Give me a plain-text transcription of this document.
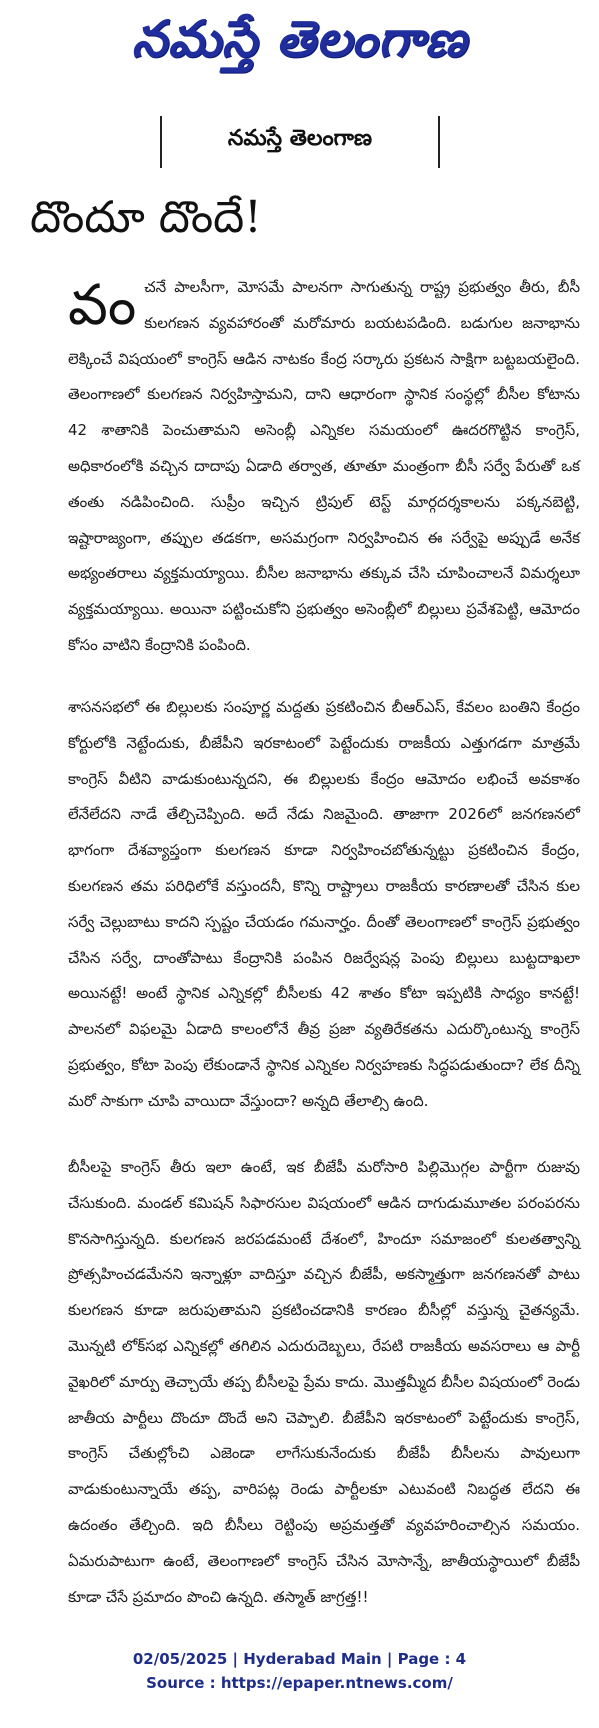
నమస్తే తెలంగాణ
నమస్తే తెలంగాణ
దొందూ దొందే!

వం చనే పాలసీగా, మోసమే పాలనగా సాగుతున్న రాష్ట్ర ప్రభుత్వం తీరు, బీసీ కులగణన వ్యవహారంతో మరోమారు బయటపడింది. బడుగుల జనాభాను లెక్కించే విషయంలో కాంగ్రెస్ ఆడిన నాటకం కేంద్ర సర్కారు ప్రకటన సాక్షిగా బట్టబయలైంది. తెలంగాణలో కులగణన నిర్వహిస్తామని, దాని ఆధారంగా స్థానిక సంస్థల్లో బీసీల కోటాను 42 శాతానికి పెంచుతామని అసెంబ్లీ ఎన్నికల సమయంలో ఊదరగొట్టిన కాంగ్రెస్, అధికారంలోకి వచ్చిన దాదాపు ఏడాది తర్వాత, తూతూ మంత్రంగా బీసీ సర్వే పేరుతో ఒక తంతు నడిపించింది. సుప్రీం ఇచ్చిన ట్రిపుల్ టెస్ట్ మార్గదర్శకాలను పక్కనబెట్టి, ఇష్టారాజ్యంగా, తప్పుల తడకగా, అసమగ్రంగా నిర్వహించిన ఈ సర్వేపై అప్పుడే అనేక అభ్యంతరాలు వ్యక్తమయ్యాయి. బీసీల జనాభాను తక్కువ చేసి చూపించాలనే విమర్శలూ వ్యక్తమయ్యాయి. అయినా పట్టించుకోని ప్రభుత్వం అసెంబ్లీలో బిల్లులు ప్రవేశపెట్టి, ఆమోదం కోసం వాటిని కేంద్రానికి పంపింది.

శాసనసభలో ఈ బిల్లులకు సంపూర్ణ మద్దతు ప్రకటించిన బీఆర్ఎస్, కేవలం బంతిని కేంద్రం కోర్టులోకి నెట్టేందుకు, బీజేపీని ఇరకాటంలో పెట్టేందుకు రాజకీయ ఎత్తుగడగా మాత్రమే కాంగ్రెస్ వీటిని వాడుకుంటున్నదని, ఈ బిల్లులకు కేంద్రం ఆమోదం లభించే అవకాశం లేనేలేదని నాడే తేల్చిచెప్పింది. అదే నేడు నిజమైంది. తాజాగా 2026లో జనగణనలో భాగంగా దేశవ్యాప్తంగా కులగణన కూడా నిర్వహించబోతున్నట్టు ప్రకటించిన కేంద్రం, కులగణన తమ పరిధిలోకే వస్తుందనీ, కొన్ని రాష్ట్రాలు రాజకీయ కారణాలతో చేసిన కుల సర్వే చెల్లుబాటు కాదని స్పష్టం చేయడం గమనార్హం. దీంతో తెలంగాణలో కాంగ్రెస్ ప్రభుత్వం చేసిన సర్వే, దాంతోపాటు కేంద్రానికి పంపిన రిజర్వేషన్ల పెంపు బిల్లులు బుట్టదాఖలా అయినట్టే! అంటే స్థానిక ఎన్నికల్లో బీసీలకు 42 శాతం కోటా ఇప్పటికి సాధ్యం కానట్టే! పాలనలో విఫలమై ఏడాది కాలంలోనే తీవ్ర ప్రజా వ్యతిరేకతను ఎదుర్కొంటున్న కాంగ్రెస్ ప్రభుత్వం, కోటా పెంపు లేకుండానే స్థానిక ఎన్నికల నిర్వహణకు సిద్ధపడుతుందా? లేక దీన్ని మరో సాకుగా చూపి వాయిదా వేస్తుందా? అన్నది తేలాల్సి ఉంది.

బీసీలపై కాంగ్రెస్ తీరు ఇలా ఉంటే, ఇక బీజేపీ మరోసారి పిల్లిమొగ్గల పార్టీగా రుజువు చేసుకుంది. మండల్ కమిషన్ సిఫారసుల విషయంలో ఆడిన దాగుడుమూతల పరంపరను కొనసాగిస్తున్నది. కులగణన జరపడమంటే దేశంలో, హిందూ సమాజంలో కులతత్వాన్ని ప్రోత్సహించడమేనని ఇన్నాళ్లూ వాదిస్తూ వచ్చిన బీజేపీ, అకస్మాత్తుగా జనగణనతో పాటు కులగణన కూడా జరుపుతామని ప్రకటించడానికి కారణం బీసీల్లో వస్తున్న చైతన్యమే. మొన్నటి లోక్‌సభ ఎన్నికల్లో తగిలిన ఎదురుదెబ్బలు, రేపటి రాజకీయ అవసరాలు ఆ పార్టీ వైఖరిలో మార్పు తెచ్చాయే తప్ప బీసీలపై ప్రేమ కాదు. మొత్తమ్మీద బీసీల విషయంలో రెండు జాతీయ పార్టీలు దొందూ దొందే అని చెప్పాలి. బీజేపీని ఇరకాటంలో పెట్టేందుకు కాంగ్రెస్, కాంగ్రెస్ చేతుల్లోంచి ఎజెండా లాగేసుకునేందుకు బీజేపీ బీసీలను పావులుగా వాడుకుంటున్నాయే తప్ప, వారిపట్ల రెండు పార్టీలకూ ఎటువంటి నిబద్ధత లేదని ఈ ఉదంతం తేల్చింది. ఇది బీసీలు రెట్టింపు అప్రమత్తతో వ్యవహరించాల్సిన సమయం. ఏమరుపాటుగా ఉంటే, తెలంగాణలో కాంగ్రెస్ చేసిన మోసాన్నే, జాతీయస్థాయిలో బీజేపీ కూడా చేసే ప్రమాదం పొంచి ఉన్నది. తస్మాత్ జాగ్రత్త!!

02/05/2025 | Hyderabad Main | Page : 4
Source : https://epaper.ntnews.com/
